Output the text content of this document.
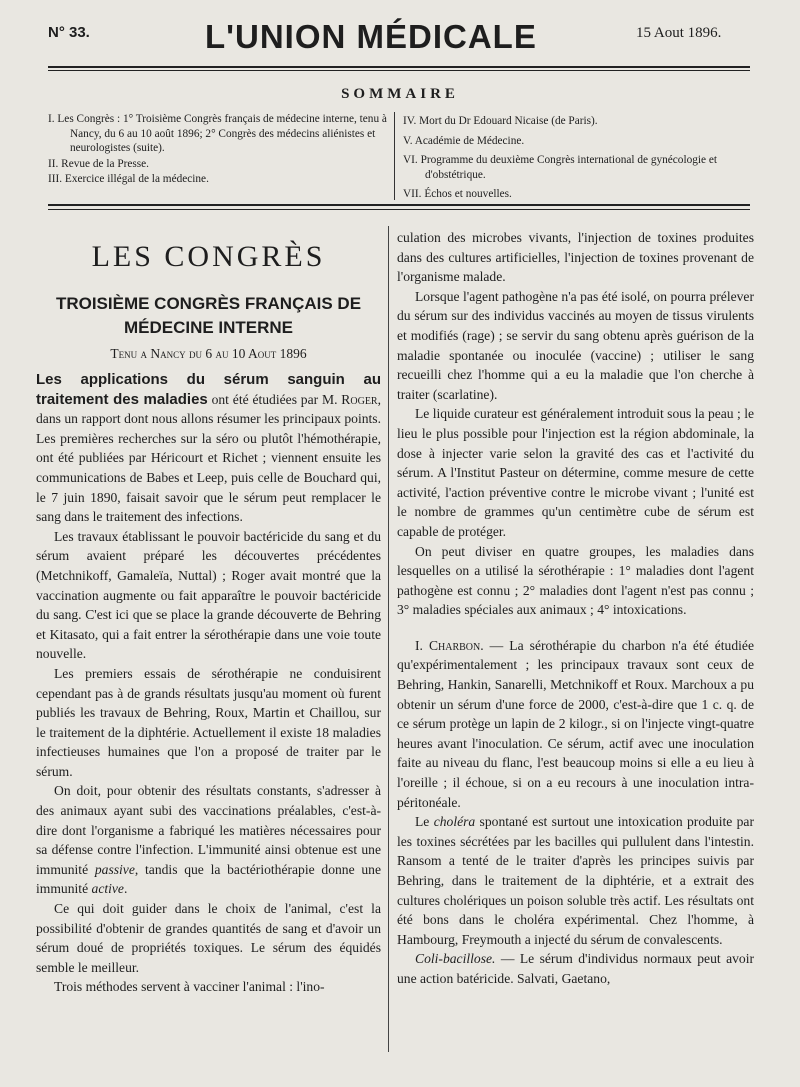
N° 33.	L'UNION MÉDICALE	15 Aout 1896.
SOMMAIRE
I. Les Congrès : 1° Troisième Congrès français de médecine interne, tenu à Nancy, du 6 au 10 août 1896; 2° Congrès des médecins aliénistes et neurologistes (suite).
II. Revue de la Presse.
III. Exercice illégal de la médecine.
IV. Mort du Dr Edouard Nicaise (de Paris).
V. Académie de Médecine.
VI. Programme du deuxième Congrès international de gynécologie et d'obstétrique.
VII. Échos et nouvelles.
LES CONGRÈS
TROISIÈME CONGRÈS FRANÇAIS DE MÉDECINE INTERNE
Tenu a Nancy du 6 au 10 Aout 1896

Les applications du sérum sanguin au traitement des maladies ont été étudiées par M. Roger, dans un rapport dont nous allons résumer les principaux points. Les premières recherches sur la séro ou plutôt l'hémothérapie, ont été publiées par Héricourt et Richet ; viennent ensuite les communications de Babes et Leep, puis celle de Bouchard qui, le 7 juin 1890, faisait savoir que le sérum peut remplacer le sang dans le traitement des infections.

Les travaux établissant le pouvoir bactéricide du sang et du sérum avaient préparé les découvertes précédentes (Metchnikoff, Gamaleïa, Nuttal) ; Roger avait montré que la vaccination augmente ou fait apparaître le pouvoir bactéricide du sang. C'est ici que se place la grande découverte de Behring et Kitasato, qui a fait entrer la sérothérapie dans une voie toute nouvelle.

Les premiers essais de sérothérapie ne conduisirent cependant pas à de grands résultats jusqu'au moment où furent publiés les travaux de Behring, Roux, Martin et Chaillou, sur le traitement de la diphtérie. Actuellement il existe 18 maladies infectieuses humaines que l'on a proposé de traiter par le sérum.

On doit, pour obtenir des résultats constants, s'adresser à des animaux ayant subi des vaccinations préalables, c'est-à-dire dont l'organisme a fabriqué les matières nécessaires pour sa défense contre l'infection. L'immunité ainsi obtenue est une immunité passive, tandis que la bactériothérapie donne une immunité active.

Ce qui doit guider dans le choix de l'animal, c'est la possibilité d'obtenir de grandes quantités de sang et d'avoir un sérum doué de propriétés toxiques. Le sérum des équidés semble le meilleur.

Trois méthodes servent à vacciner l'animal : l'ino-

culation des microbes vivants, l'injection de toxines produites dans des cultures artificielles, l'injection de toxines provenant de l'organisme malade.

Lorsque l'agent pathogène n'a pas été isolé, on pourra prélever du sérum sur des individus vaccinés au moyen de tissus virulents et modifiés (rage) ; se servir du sang obtenu après guérison de la maladie spontanée ou inoculée (vaccine) ; utiliser le sang recueilli chez l'homme qui a eu la maladie que l'on cherche à traiter (scarlatine).

Le liquide curateur est généralement introduit sous la peau ; le lieu le plus possible pour l'injection est la région abdominale, la dose à injecter varie selon la gravité des cas et l'activité du sérum. A l'Institut Pasteur on détermine, comme mesure de cette activité, l'action préventive contre le microbe vivant ; l'unité est le nombre de grammes qu'un centimètre cube de sérum est capable de protéger.

On peut diviser en quatre groupes, les maladies dans lesquelles on a utilisé la sérothérapie : 1° maladies dont l'agent pathogène est connu ; 2° maladies dont l'agent n'est pas connu ; 3° maladies spéciales aux animaux ; 4° intoxications.

I. Charbon. — La sérothérapie du charbon n'a été étudiée qu'expérimentalement ; les principaux travaux sont ceux de Behring, Hankin, Sanarelli, Metchnikoff et Roux. Marchoux a pu obtenir un sérum d'une force de 2000, c'est-à-dire que 1 c. q. de ce sérum protège un lapin de 2 kilogr., si on l'injecte vingt-quatre heures avant l'inoculation. Ce sérum, actif avec une inoculation faite au niveau du flanc, l'est beaucoup moins si elle a eu lieu à l'oreille ; il échoue, si on a eu recours à une inoculation intra-péritonéale.

Le choléra spontané est surtout une intoxication produite par les toxines sécrétées par les bacilles qui pullulent dans l'intestin. Ransom a tenté de le traiter d'après les principes suivis par Behring, dans le traitement de la diphtérie, et a extrait des cultures cholériques un poison soluble très actif. Les résultats ont été bons dans le choléra expérimental. Chez l'homme, à Hambourg, Freymouth a injecté du sérum de convalescents.

Coli-bacillose. — Le sérum d'individus normaux peut avoir une action batéricide. Salvati, Gaetano,
